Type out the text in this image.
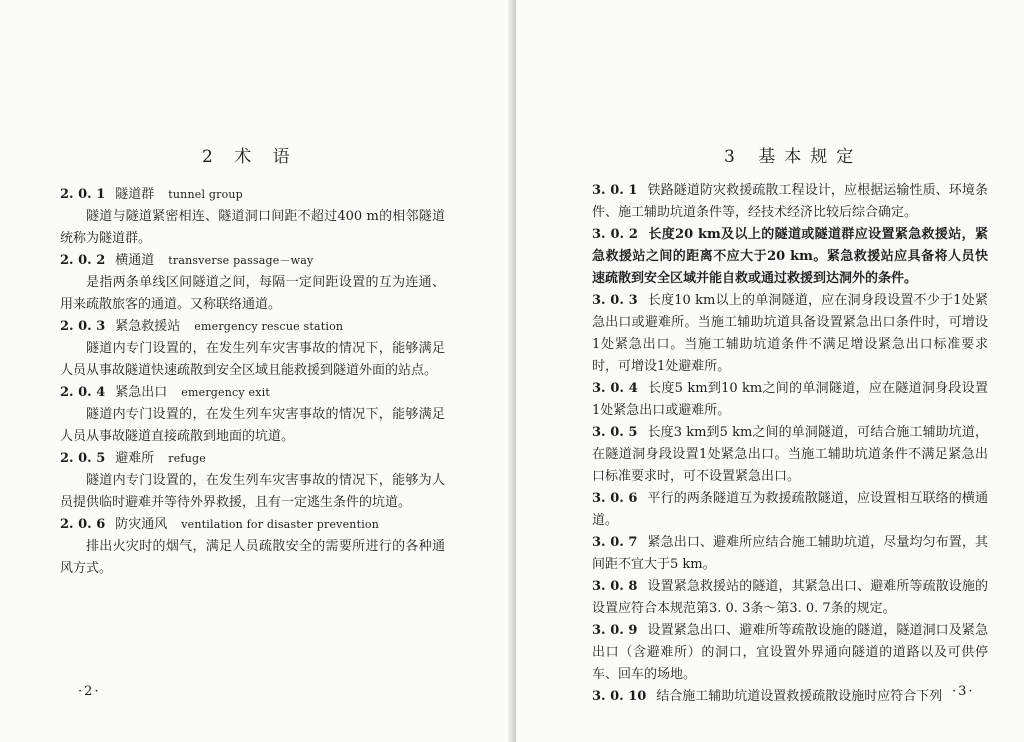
2 术 语
2. 0. 1 隧道群 tunnel group

隧道与隧道紧密相连、隧道洞口间距不超过400 m的相邻隧道统称为隧道群。

2. 0. 2 横通道 transverse passage－way

是指两条单线区间隧道之间，每隔一定间距设置的互为连通、用来疏散旅客的通道。又称联络通道。

2. 0. 3 紧急救援站 emergency rescue station

隧道内专门设置的，在发生列车灾害事故的情况下，能够满足人员从事故隧道快速疏散到安全区域且能救援到隧道外面的站点。

2. 0. 4 紧急出口 emergency exit

隧道内专门设置的，在发生列车灾害事故的情况下，能够满足人员从事故隧道直接疏散到地面的坑道。

2. 0. 5 避难所 refuge

隧道内专门设置的，在发生列车灾害事故的情况下，能够为人员提供临时避难并等待外界救援，且有一定逃生条件的坑道。

2. 0. 6 防灾通风 ventilation for disaster prevention

排出火灾时的烟气，满足人员疏散安全的需要所进行的各种通风方式。

·2·

3 基本规定

3. 0. 1 铁路隧道防灾救援疏散工程设计，应根据运输性质、环境条件、施工辅助坑道条件等，经技术经济比较后综合确定。

3. 0. 2 长度20 km及以上的隧道或隧道群应设置紧急救援站，紧急救援站之间的距离不应大于20 km。紧急救援站应具备将人员快速疏散到安全区域并能自救或通过救援到达洞外的条件。

3. 0. 3 长度10 km以上的单洞隧道，应在洞身段设置不少于1处紧急出口或避难所。当施工辅助坑道具备设置紧急出口条件时，可增设1处紧急出口。当施工辅助坑道条件不满足增设紧急出口标准要求时，可增设1处避难所。

3. 0. 4 长度5 km到10 km之间的单洞隧道，应在隧道洞身段设置1处紧急出口或避难所。

3. 0. 5 长度3 km到5 km之间的单洞隧道，可结合施工辅助坑道，在隧道洞身段设置1处紧急出口。当施工辅助坑道条件不满足紧急出口标准要求时，可不设置紧急出口。

3. 0. 6 平行的两条隧道互为救援疏散隧道，应设置相互联络的横通道。

3. 0. 7 紧急出口、避难所应结合施工辅助坑道，尽量均匀布置，其间距不宜大于5 km。

3. 0. 8 设置紧急救援站的隧道，其紧急出口、避难所等疏散设施的设置应符合本规范第3. 0. 3条～第3. 0. 7条的规定。

3. 0. 9 设置紧急出口、避难所等疏散设施的隧道，隧道洞口及紧急出口（含避难所）的洞口，宜设置外界通向隧道的道路以及可供停车、回车的场地。

3. 0. 10 结合施工辅助坑道设置救援疏散设施时应符合下列 ·3·
